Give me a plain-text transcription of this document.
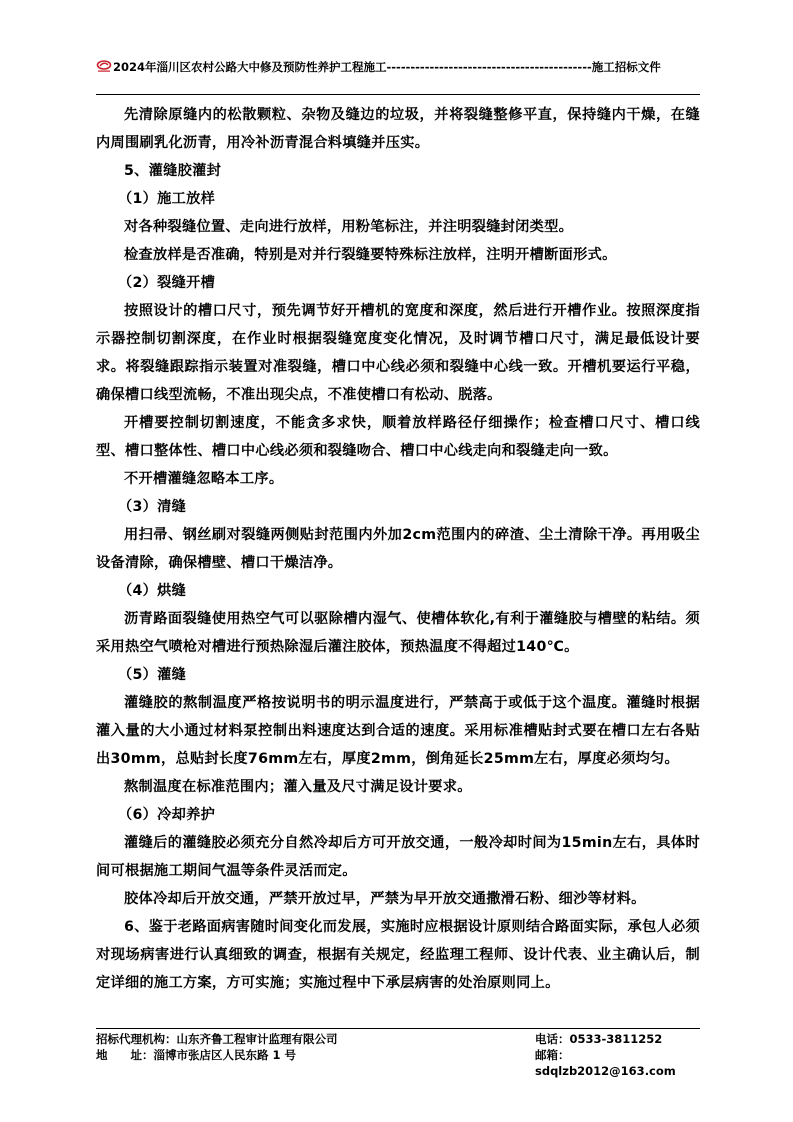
2024年淄川区农村公路大中修及预防性养护工程施工-------------------------------------------施工招标文件

先清除原缝内的松散颗粒、杂物及缝边的垃圾，并将裂缝整修平直，保持缝内干燥，在缝内周围刷乳化沥青，用冷补沥青混合料填缝并压实。

5、灌缝胶灌封

（1）施工放样

对各种裂缝位置、走向进行放样，用粉笔标注，并注明裂缝封闭类型。

检查放样是否准确，特别是对并行裂缝要特殊标注放样，注明开槽断面形式。

（2）裂缝开槽

按照设计的槽口尺寸，预先调节好开槽机的宽度和深度，然后进行开槽作业。按照深度指示器控制切割深度，在作业时根据裂缝宽度变化情况，及时调节槽口尺寸，满足最低设计要求。将裂缝跟踪指示装置对准裂缝，槽口中心线必须和裂缝中心线一致。开槽机要运行平稳，确保槽口线型流畅，不准出现尖点，不准使槽口有松动、脱落。

开槽要控制切割速度，不能贪多求快，顺着放样路径仔细操作；检查槽口尺寸、槽口线型、槽口整体性、槽口中心线必须和裂缝吻合、槽口中心线走向和裂缝走向一致。

不开槽灌缝忽略本工序。

（3）清缝

用扫帚、钢丝刷对裂缝两侧贴封范围内外加2cm范围内的碎渣、尘土清除干净。再用吸尘设备清除，确保槽壁、槽口干燥洁净。

（4）烘缝

沥青路面裂缝使用热空气可以驱除槽内湿气、使槽体软化,有利于灌缝胶与槽壁的粘结。须采用热空气喷枪对槽进行预热除湿后灌注胶体，预热温度不得超过140℃。

（5）灌缝

灌缝胶的熬制温度严格按说明书的明示温度进行，严禁高于或低于这个温度。灌缝时根据灌入量的大小通过材料泵控制出料速度达到合适的速度。采用标准槽贴封式要在槽口左右各贴出30mm，总贴封长度76mm左右，厚度2mm，倒角延长25mm左右，厚度必须均匀。

熬制温度在标准范围内；灌入量及尺寸满足设计要求。

（6）冷却养护

灌缝后的灌缝胶必须充分自然冷却后方可开放交通，一般冷却时间为15min左右，具体时间可根据施工期间气温等条件灵活而定。

胶体冷却后开放交通，严禁开放过早，严禁为早开放交通撒滑石粉、细沙等材料。

6、鉴于老路面病害随时间变化而发展，实施时应根据设计原则结合路面实际，承包人必须对现场病害进行认真细致的调查，根据有关规定，经监理工程师、设计代表、业主确认后，制定详细的施工方案，方可实施；实施过程中下承层病害的处治原则同上。

招标代理机构：山东齐鲁工程审计监理有限公司	电话：0533-3811252
地　　址：淄博市张店区人民东路 1 号	邮箱：sdqlzb2012@163.com
